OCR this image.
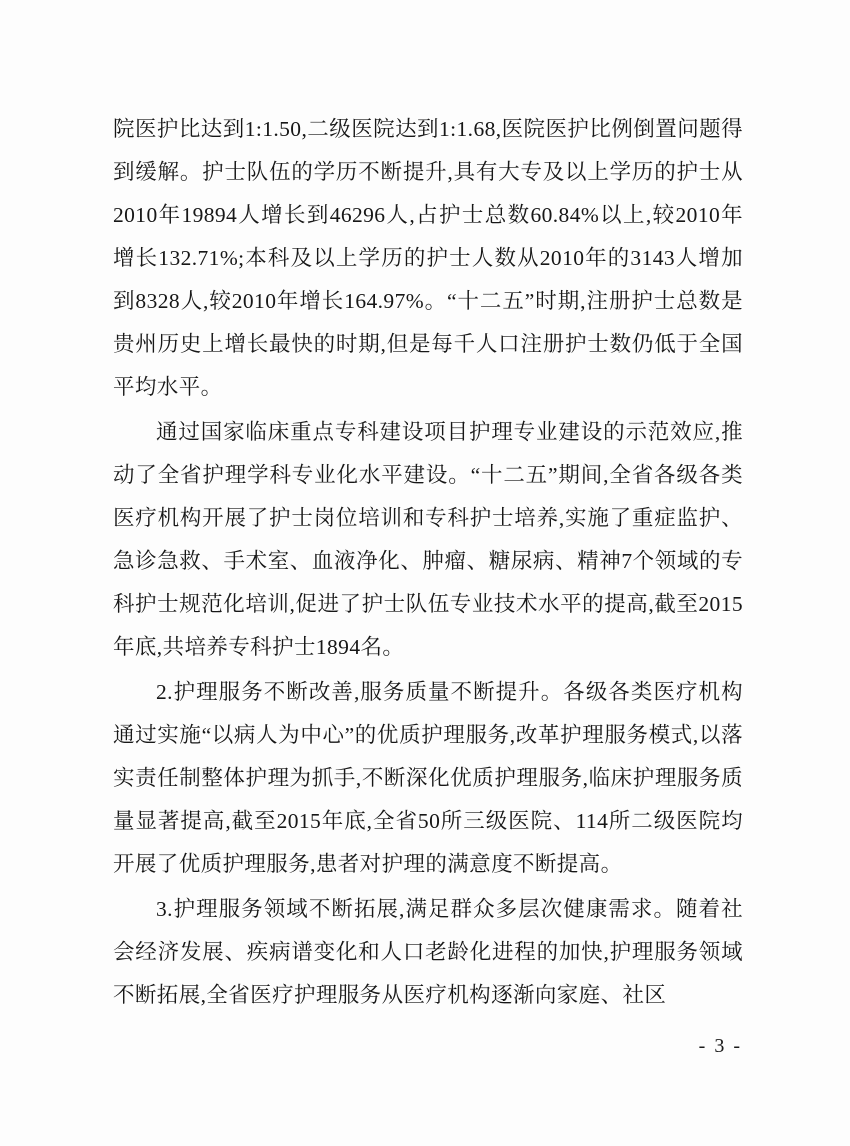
院医护比达到1:1.50,二级医院达到1:1.68,医院医护比例倒置问题得到缓解。护士队伍的学历不断提升,具有大专及以上学历的护士从2010年19894人增长到46296人,占护士总数60.84%以上,较2010年增长132.71%;本科及以上学历的护士人数从2010年的3143人增加到8328人,较2010年增长164.97%。“十二五”时期,注册护士总数是贵州历史上增长最快的时期,但是每千人口注册护士数仍低于全国平均水平。

通过国家临床重点专科建设项目护理专业建设的示范效应,推动了全省护理学科专业化水平建设。“十二五”期间,全省各级各类医疗机构开展了护士岗位培训和专科护士培养,实施了重症监护、急诊急救、手术室、血液净化、肿瘤、糖尿病、精神7个领域的专科护士规范化培训,促进了护士队伍专业技术水平的提高,截至2015年底,共培养专科护士1894名。

2.护理服务不断改善,服务质量不断提升。各级各类医疗机构通过实施“以病人为中心”的优质护理服务,改革护理服务模式,以落实责任制整体护理为抓手,不断深化优质护理服务,临床护理服务质量显著提高,截至2015年底,全省50所三级医院、114所二级医院均开展了优质护理服务,患者对护理的满意度不断提高。

3.护理服务领域不断拓展,满足群众多层次健康需求。随着社会经济发展、疾病谱变化和人口老龄化进程的加快,护理服务领域不断拓展,全省医疗护理服务从医疗机构逐渐向家庭、社区

- 3 -
